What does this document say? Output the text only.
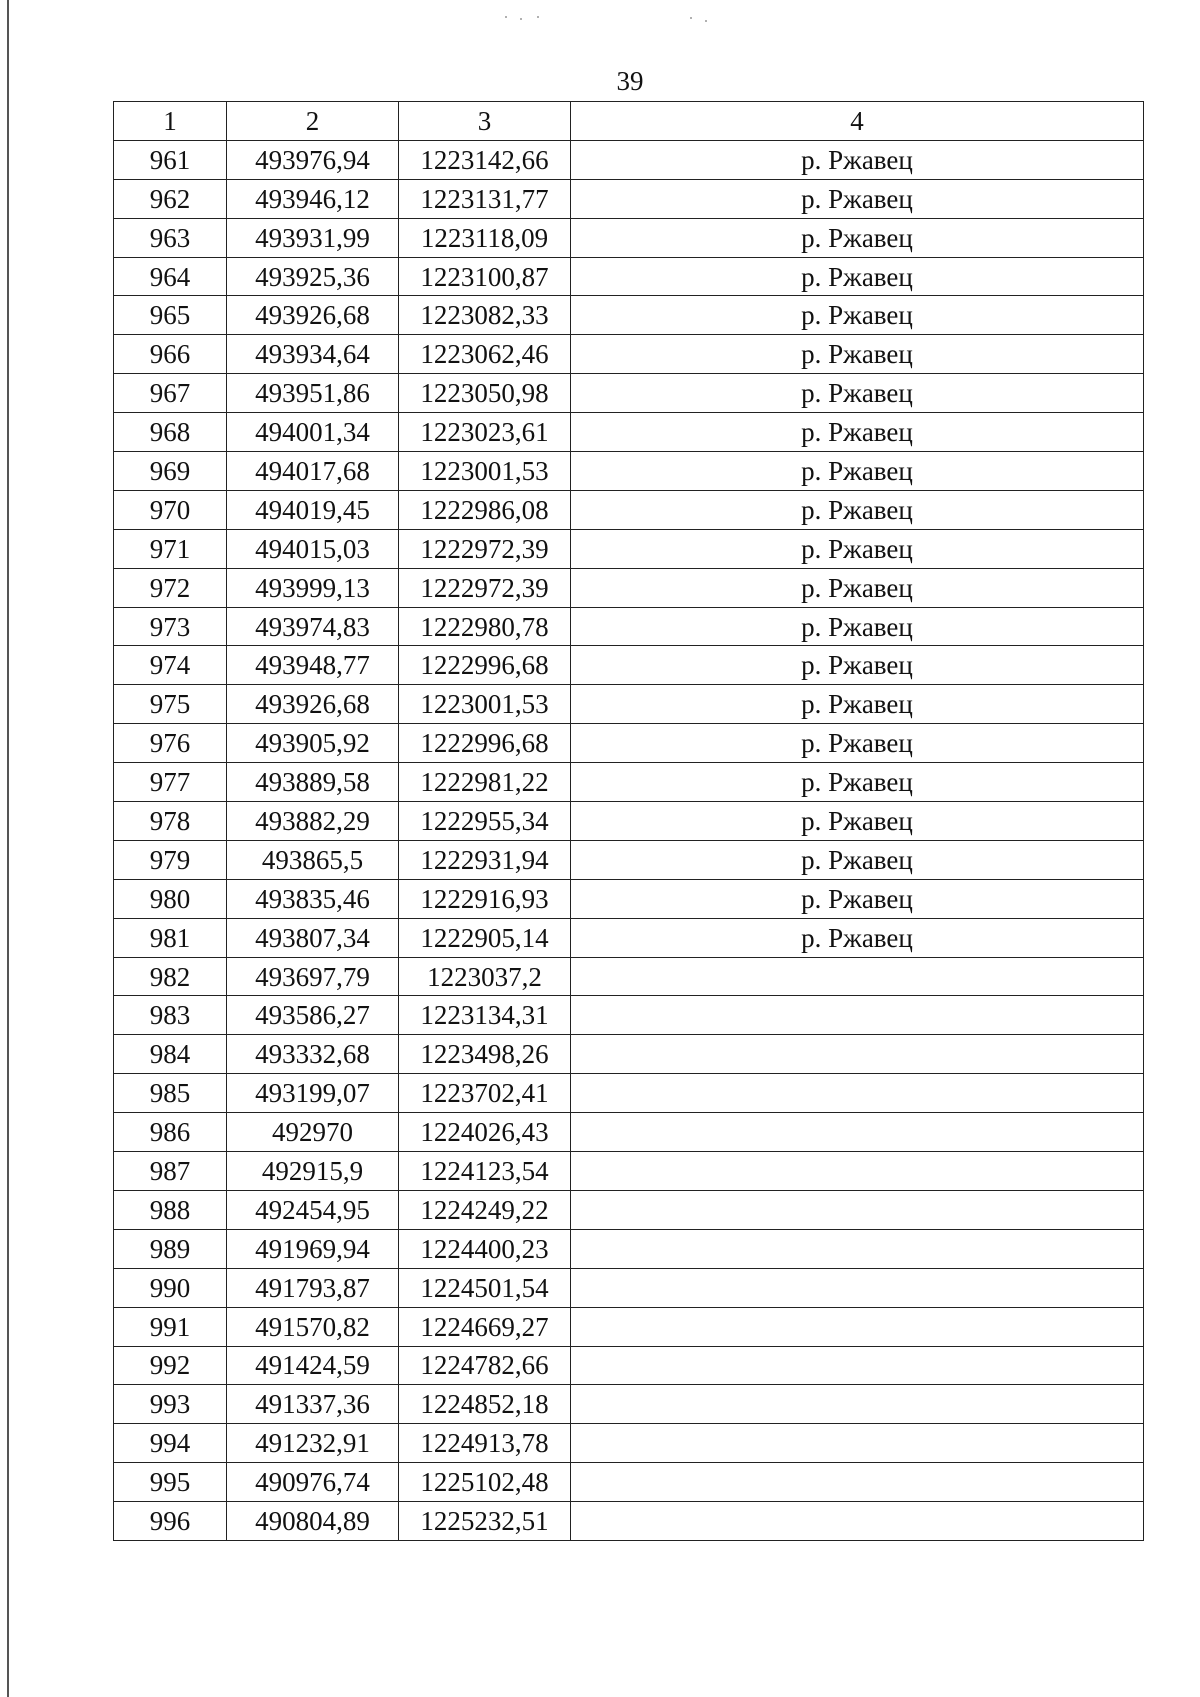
39
1	2	3	4
961	493976,94	1223142,66	р. Ржавец
962	493946,12	1223131,77	р. Ржавец
963	493931,99	1223118,09	р. Ржавец
964	493925,36	1223100,87	р. Ржавец
965	493926,68	1223082,33	р. Ржавец
966	493934,64	1223062,46	р. Ржавец
967	493951,86	1223050,98	р. Ржавец
968	494001,34	1223023,61	р. Ржавец
969	494017,68	1223001,53	р. Ржавец
970	494019,45	1222986,08	р. Ржавец
971	494015,03	1222972,39	р. Ржавец
972	493999,13	1222972,39	р. Ржавец
973	493974,83	1222980,78	р. Ржавец
974	493948,77	1222996,68	р. Ржавец
975	493926,68	1223001,53	р. Ржавец
976	493905,92	1222996,68	р. Ржавец
977	493889,58	1222981,22	р. Ржавец
978	493882,29	1222955,34	р. Ржавец
979	493865,5	1222931,94	р. Ржавец
980	493835,46	1222916,93	р. Ржавец
981	493807,34	1222905,14	р. Ржавец
982	493697,79	1223037,2	
983	493586,27	1223134,31	
984	493332,68	1223498,26	
985	493199,07	1223702,41	
986	492970	1224026,43	
987	492915,9	1224123,54	
988	492454,95	1224249,22	
989	491969,94	1224400,23	
990	491793,87	1224501,54	
991	491570,82	1224669,27	
992	491424,59	1224782,66	
993	491337,36	1224852,18	
994	491232,91	1224913,78	
995	490976,74	1225102,48	
996	490804,89	1225232,51	
